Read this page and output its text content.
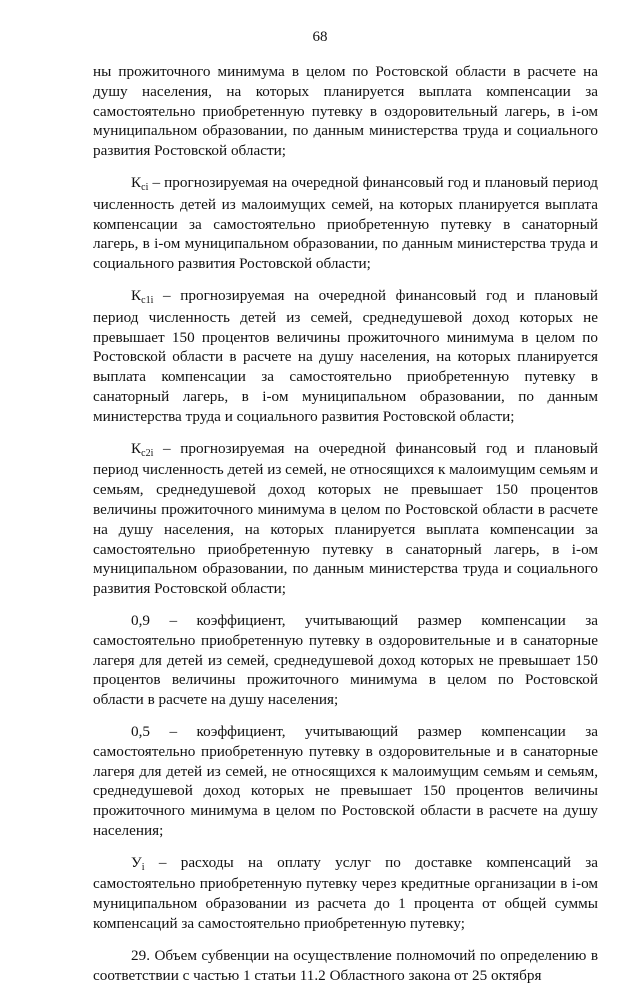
68

ны прожиточного минимума в целом по Ростовской области в расчете на душу населения, на которых планируется выплата компенсации за самостоятельно приобретенную путевку в оздоровительный лагерь, в i-ом муниципальном образовании, по данным министерства труда и социального развития Ростовской области;

Кci – прогнозируемая на очередной финансовый год и плановый период численность детей из малоимущих семей, на которых планируется выплата компенсации за самостоятельно приобретенную путевку в санаторный лагерь, в i-ом муниципальном образовании, по данным министерства труда и социального развития Ростовской области;

Кc1i – прогнозируемая на очередной финансовый год и плановый период численность детей из семей, среднедушевой доход которых не превышает 150 процентов величины прожиточного минимума в целом по Ростовской области в расчете на душу населения, на которых планируется выплата компенсации за самостоятельно приобретенную путевку в санаторный лагерь, в i-ом муниципальном образовании, по данным министерства труда и социального развития Ростовской области;

Кc2i – прогнозируемая на очередной финансовый год и плановый период численность детей из семей, не относящихся к малоимущим семьям и семьям, среднедушевой доход которых не превышает 150 процентов величины прожиточного минимума в целом по Ростовской области в расчете на душу населения, на которых планируется выплата компенсации за самостоятельно приобретенную путевку в санаторный лагерь, в i-ом муниципальном образовании, по данным министерства труда и социального развития Ростовской области;

0,9 – коэффициент, учитывающий размер компенсации за самостоятельно приобретенную путевку в оздоровительные и в санаторные лагеря для детей из семей, среднедушевой доход которых не превышает 150 процентов величины прожиточного минимума в целом по Ростовской области в расчете на душу населения;

0,5 – коэффициент, учитывающий размер компенсации за самостоятельно приобретенную путевку в оздоровительные и в санаторные лагеря для детей из семей, не относящихся к малоимущим семьям и семьям, среднедушевой доход которых не превышает 150 процентов величины прожиточного минимума в целом по Ростовской области в расчете на душу населения;

Уi – расходы на оплату услуг по доставке компенсаций за самостоятельно приобретенную путевку через кредитные организации в i-ом муниципальном образовании из расчета до 1 процента от общей суммы компенсаций за самостоятельно приобретенную путевку;

29. Объем субвенции на осуществление полномочий по определению в соответствии с частью 1 статьи 11.2 Областного закона от 25 октября
